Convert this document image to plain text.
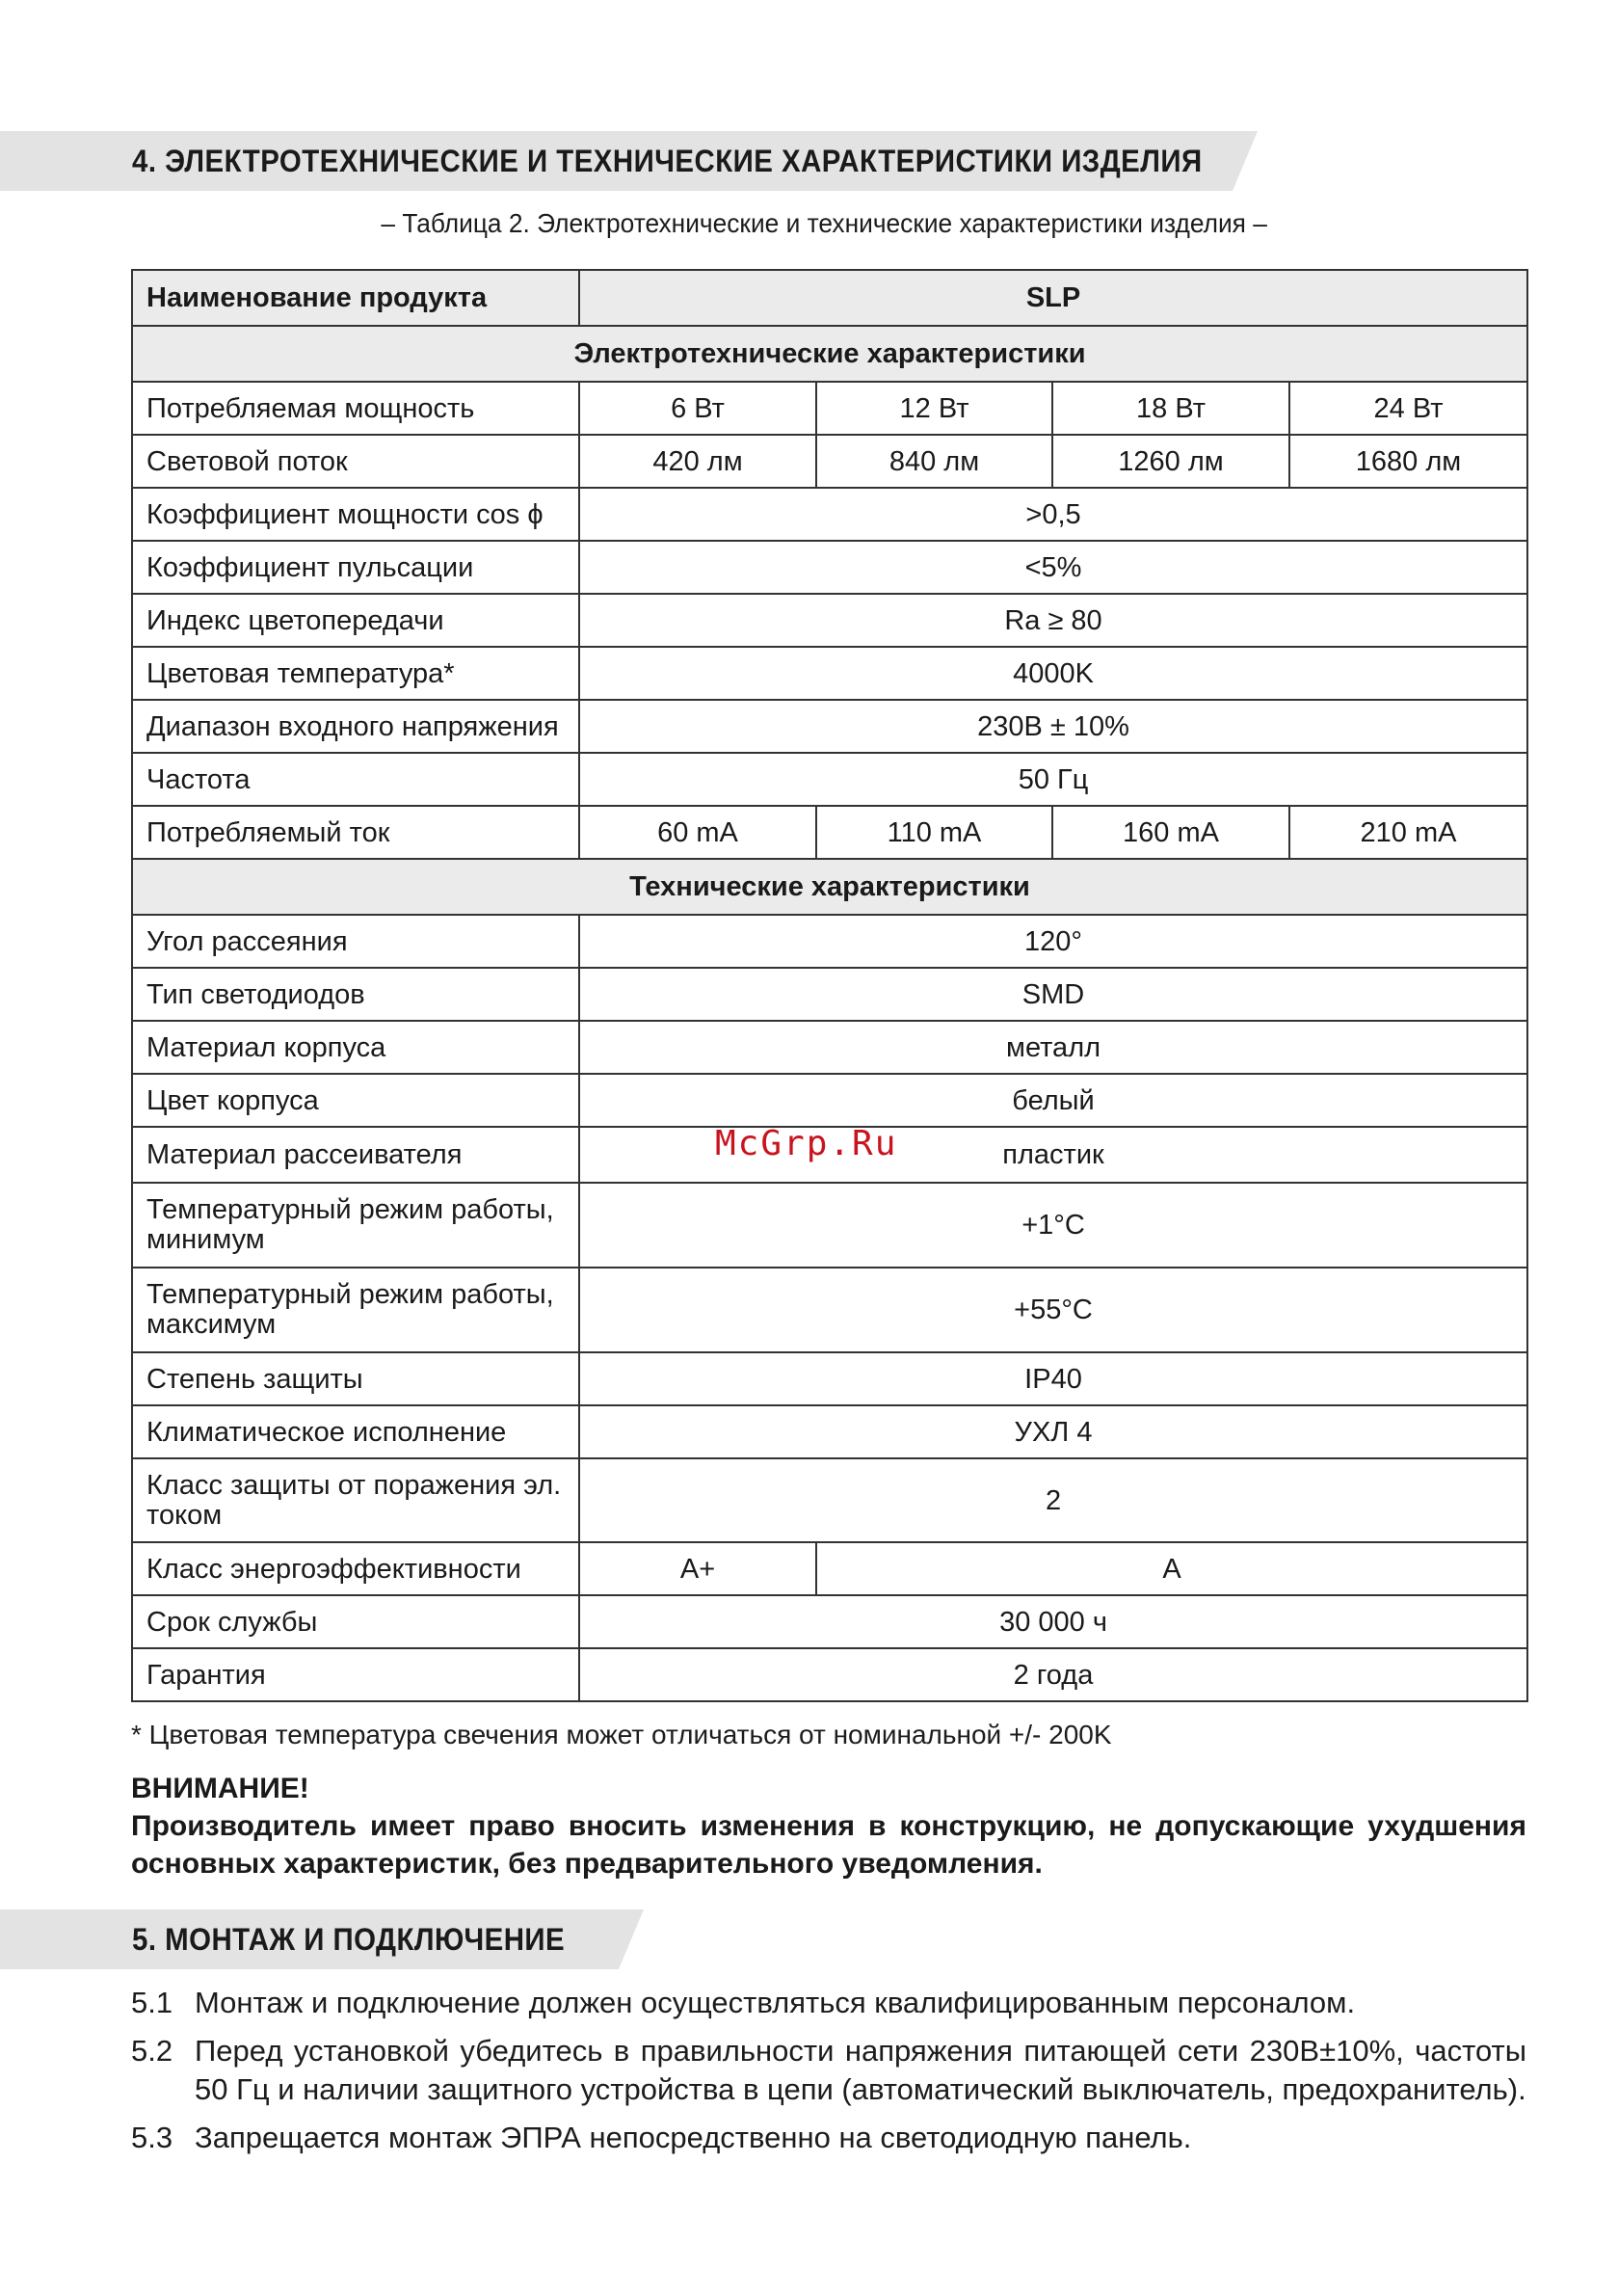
4. ЭЛЕКТРОТЕХНИЧЕСКИЕ И ТЕХНИЧЕСКИЕ ХАРАКТЕРИСТИКИ ИЗДЕЛИЯ
– Таблица 2. Электротехнические и технические характеристики изделия –
Наименование продукта	SLP			
Электротехнические характеристики				
Потребляемая мощность	6 Вт	12 Вт	18 Вт	24 Вт
Световой поток	420 лм	840 лм	1260 лм	1680 лм
Коэффициент мощности cos ϕ	>0,5			
Коэффициент пульсации	<5%			
Индекс цветопередачи	Ra ≥ 80			
Цветовая температура*	4000K			
Диапазон входного напряжения	230В ± 10%			
Частота	50 Гц			
Потребляемый ток	60 mA	110 mA	160 mA	210 mA
Технические характеристики				
Угол рассеяния	120°			
Тип светодиодов	SMD			
Материал корпуса	металл			
Цвет корпуса	белый			
Материал рассеивателя	пластик			
Температурный режим работы,
минимум	+1°C			
Температурный режим работы,
максимум	+55°C			
Степень защиты	IP40			
Климатическое исполнение	УХЛ 4			
Класс защиты от поражения эл.
током	2			
Класс энергоэффективности	A+	A		
Срок службы	30 000 ч			
Гарантия	2 года			
McGrp.Ru
* Цветовая температура свечения может отличаться от номинальной +/- 200K
ВНИМАНИЕ!
Производитель имеет право вносить изменения в конструкцию, не допускающие ухудшения основных характеристик, без предварительного уведомления.
5. МОНТАЖ И ПОДКЛЮЧЕНИЕ
5.1 Монтаж и подключение должен осуществляться квалифицированным персоналом.
5.2 Перед установкой убедитесь в правильности напряжения питающей сети 230В±10%, частоты 50 Гц и наличии защитного устройства в цепи (автоматический выключатель, предохранитель).
5.3 Запрещается монтаж ЭПРА непосредственно на светодиодную панель.
